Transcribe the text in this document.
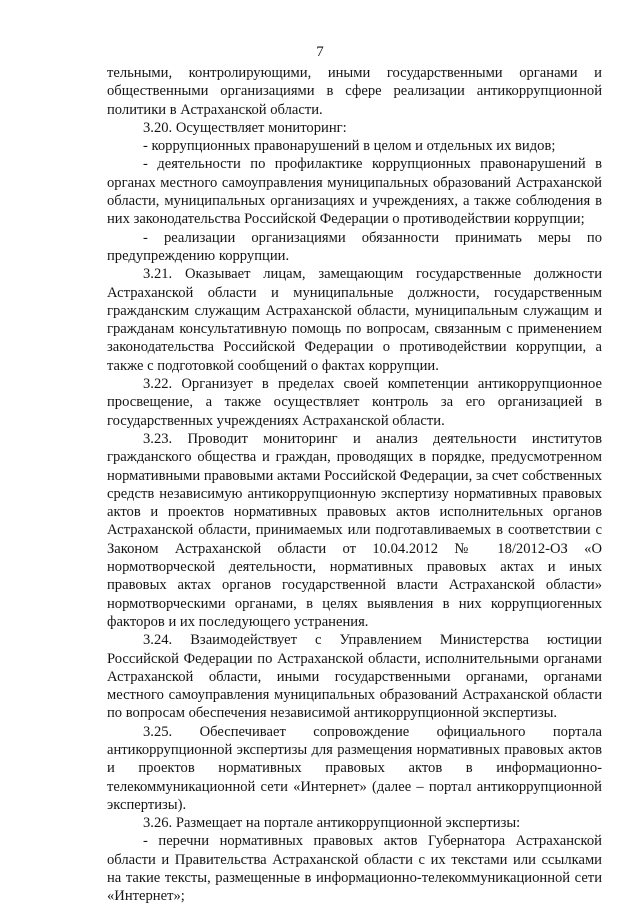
7

тельными, контролирующими, иными государственными органами и общественными организациями в сфере реализации антикоррупционной политики в Астраханской области.

3.20. Осуществляет мониторинг:

- коррупционных правонарушений в целом и отдельных их видов;

- деятельности по профилактике коррупционных правонарушений в органах местного самоуправления муниципальных образований Астраханской области, муниципальных организациях и учреждениях, а также соблюдения в них законодательства Российской Федерации о противодействии коррупции;

- реализации организациями обязанности принимать меры по предупреждению коррупции.

3.21. Оказывает лицам, замещающим государственные должности Астраханской области и муниципальные должности, государственным гражданским служащим Астраханской области, муниципальным служащим и гражданам консультативную помощь по вопросам, связанным с применением законодательства Российской Федерации о противодействии коррупции, а также с подготовкой сообщений о фактах коррупции.

3.22. Организует в пределах своей компетенции антикоррупционное просвещение, а также осуществляет контроль за его организацией в государственных учреждениях Астраханской области.

3.23. Проводит мониторинг и анализ деятельности институтов гражданского общества и граждан, проводящих в порядке, предусмотренном нормативными правовыми актами Российской Федерации, за счет собственных средств независимую антикоррупционную экспертизу нормативных правовых актов и проектов нормативных правовых актов исполнительных органов Астраханской области, принимаемых или подготавливаемых в соответствии с Законом Астраханской области от 10.04.2012 № 18/2012-ОЗ «О нормотворческой деятельности, нормативных правовых актах и иных правовых актах органов государственной власти Астраханской области» нормотворческими органами, в целях выявления в них коррупциогенных факторов и их последующего устранения.

3.24. Взаимодействует с Управлением Министерства юстиции Российской Федерации по Астраханской области, исполнительными органами Астраханской области, иными государственными органами, органами местного самоуправления муниципальных образований Астраханской области по вопросам обеспечения независимой антикоррупционной экспертизы.

3.25. Обеспечивает сопровождение официального портала антикоррупционной экспертизы для размещения нормативных правовых актов и проектов нормативных правовых актов в информационно-телекоммуникационной сети «Интернет» (далее – портал антикоррупционной экспертизы).

3.26. Размещает на портале антикоррупционной экспертизы:

- перечни нормативных правовых актов Губернатора Астраханской области и Правительства Астраханской области с их текстами или ссылками на такие тексты, размещенные в информационно-телекоммуникационной сети «Интернет»;
